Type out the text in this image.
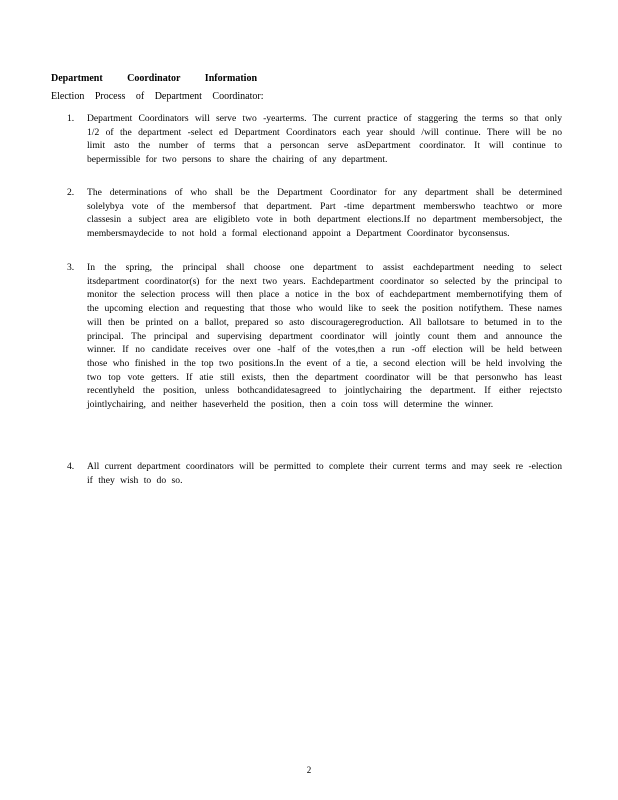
Department Coordinator Information
Election Process of Department Coordinator:
1. Department Coordinators will serve two -yearterms. The current practice of staggering the terms so that only 1/2 of the department -select ed Department Coordinators each year should /will continue. There will be no limit asto the number of terms that a personcan serve asDepartment coordinator. It will continue to bepermissible for two persons to share the chairing of any department.
2. The determinations of who shall be the Department Coordinator for any department shall be determined solelybya vote of the membersof that department. Part -time department memberswho teachtwo or more classesin a subject area are eligibleto vote in both department elections.If no department membersobject, the membersmaydecide to not hold a formal electionand appoint a Department Coordinator byconsensus.
3. In the spring, the principal shall choose one department to assist eachdepartment needing to select itsdepartment coordinator(s) for the next two years. Eachdepartment coordinator so selected by the principal to monitor the selection process will then place a notice in the box of eachdepartment membernotifying them of the upcoming election and requesting that those who would like to seek the position notifythem. These names will then be printed on a ballot, prepared so asto discourageregroduction. All ballotsare to betumed in to the principal. The principal and supervising department coordinator will jointly count them and announce the winner. If no candidate receives over one -half of the votes,then a run -off election will be held between those who finished in the top two positions.In the event of a tie, a second election will be held involving the two top vote getters. If atie still exists, then the department coordinator will be that personwho has least recentlyheld the position, unless bothcandidatesagreed to jointlychairing the department. If either rejectsto jointlychairing, and neither haseverheld the position, then a coin toss will determine the winner.
4. All current department coordinators will be permitted to complete their current terms and may seek re -election if they wish to do so.
2
